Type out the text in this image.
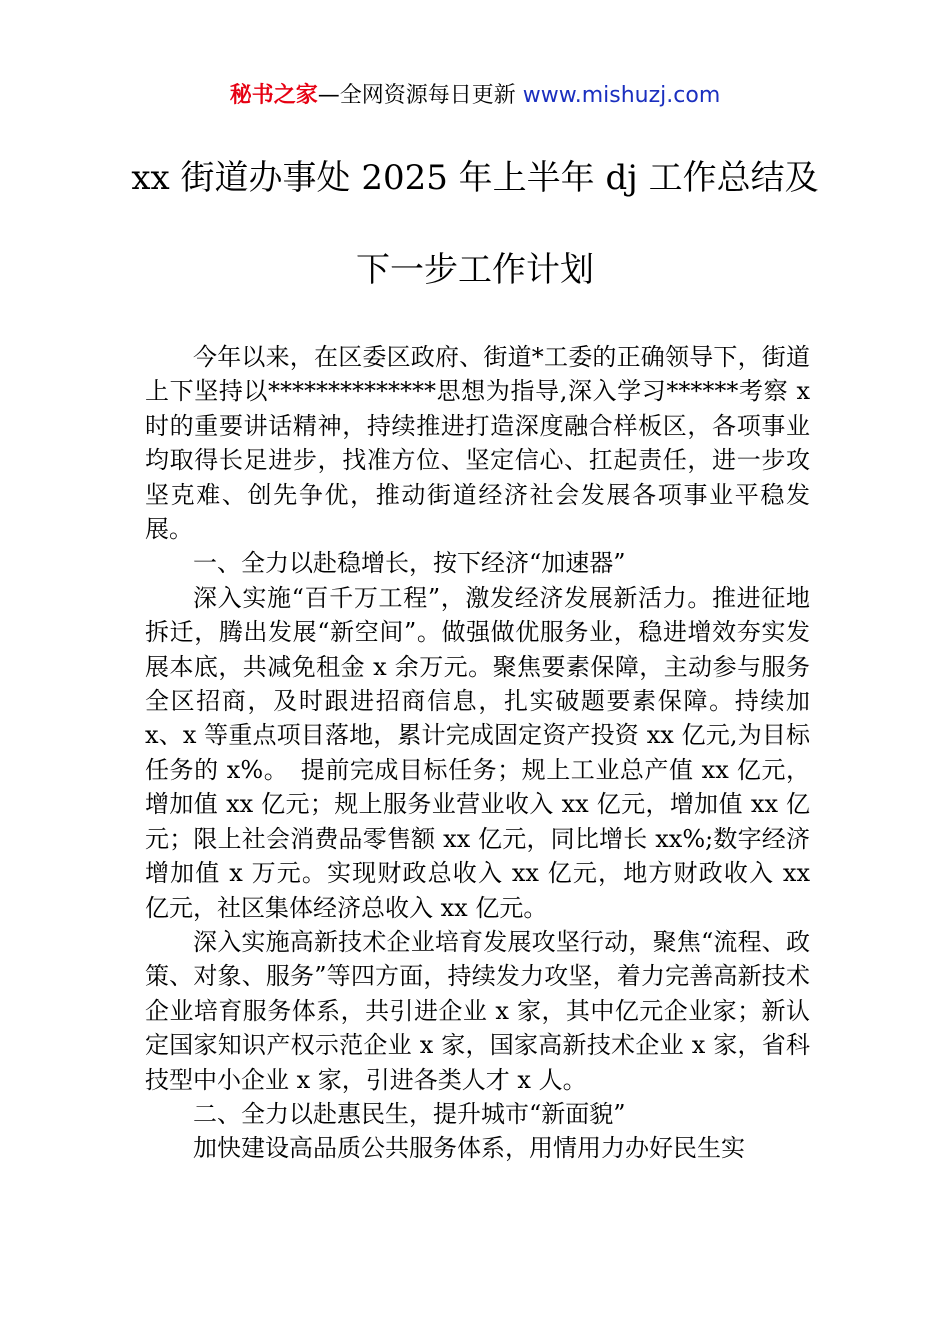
秘书之家—全网资源每日更新 www.mishuzj.com
xx 街道办事处 2025 年上半年 dj 工作总结及
下一步工作计划

今年以来，在区委区政府、街道*工委的正确领导下，街道上下坚持以**************思想为指导,深入学习******考察 x 时的重要讲话精神，持续推进打造深度融合样板区，各项事业均取得长足进步，找准方位、坚定信心、扛起责任，进一步攻坚克难、创先争优，推动街道经济社会发展各项事业平稳发展。

一、全力以赴稳增长，按下经济“加速器”

深入实施“百千万工程”，激发经济发展新活力。推进征地拆迁，腾出发展“新空间”。做强做优服务业，稳进增效夯实发展本底，共减免租金 x 余万元。聚焦要素保障，主动参与服务全区招商，及时跟进招商信息，扎实破题要素保障。持续加 x、x 等重点项目落地，累计完成固定资产投资 xx 亿元,为目标任务的 x%。　提前完成目标任务；规上工业总产值 xx 亿元，增加值 xx 亿元；规上服务业营业收入 xx 亿元，增加值 xx 亿元；限上社会消费品零售额 xx 亿元，同比增长 xx%;数字经济增加值 x 万元。实现财政总收入 xx 亿元，地方财政收入 xx 亿元，社区集体经济总收入 xx 亿元。

深入实施高新技术企业培育发展攻坚行动，聚焦“流程、政策、对象、服务”等四方面，持续发力攻坚，着力完善高新技术企业培育服务体系，共引进企业 x 家，其中亿元企业家；新认定国家知识产权示范企业 x 家，国家高新技术企业 x 家，省科技型中小企业 x 家，引进各类人才 x 人。

二、全力以赴惠民生，提升城市“新面貌”

加快建设高品质公共服务体系，用情用力办好民生实
